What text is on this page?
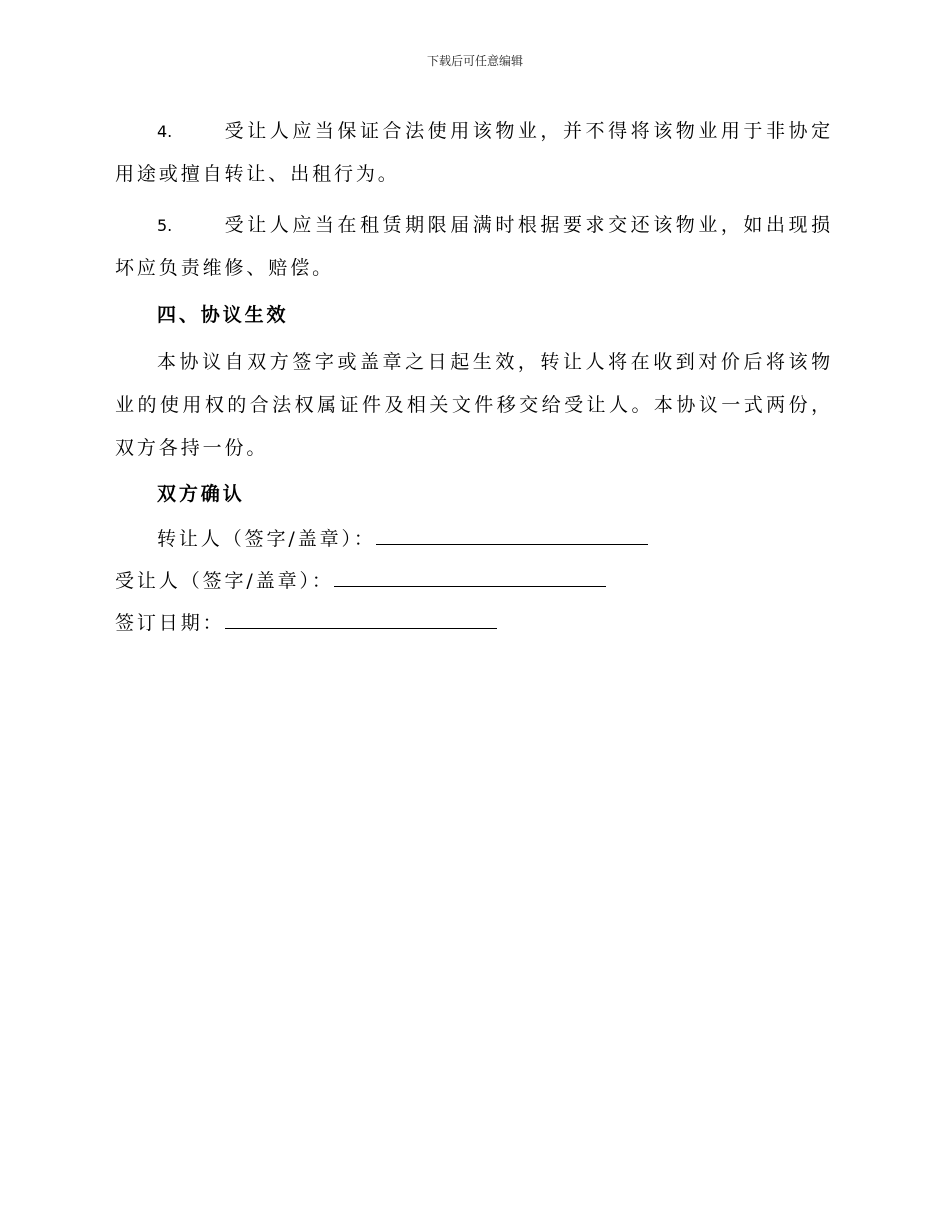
下载后可任意编辑
4.	受让人应当保证合法使用该物业，并不得将该物业用于非协定用途或擅自转让、出租行为。
5.	受让人应当在租赁期限届满时根据要求交还该物业，如出现损坏应负责维修、赔偿。
四、协议生效
本协议自双方签字或盖章之日起生效，转让人将在收到对价后将该物业的使用权的合法权属证件及相关文件移交给受让人。本协议一式两份，双方各持一份。
双方确认
转让人（签字/盖章）：
受让人（签字/盖章）：
签订日期：
